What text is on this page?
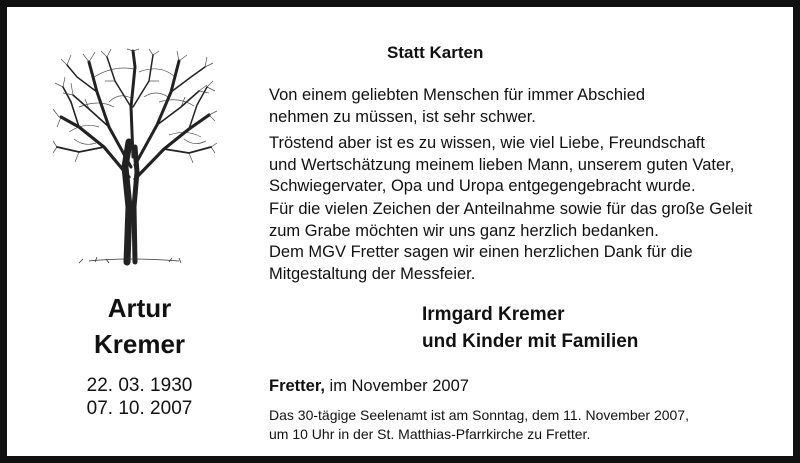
Artur
Kremer
22. 03. 1930
07. 10. 2007
Statt Karten

Von einem geliebten Menschen für immer Abschied
nehmen zu müssen, ist sehr schwer.

Tröstend aber ist es zu wissen, wie viel Liebe, Freundschaft
und Wertschätzung meinem lieben Mann, unserem guten Vater,
Schwiegervater, Opa und Uropa entgegengebracht wurde.

Für die vielen Zeichen der Anteilnahme sowie für das große Geleit
zum Grabe möchten wir uns ganz herzlich bedanken.
Dem MGV Fretter sagen wir einen herzlichen Dank für die
Mitgestaltung der Messfeier.

Irmgard Kremer
und Kinder mit Familien
Fretter, im November 2007

Das 30-tägige Seelenamt ist am Sonntag, dem 11. November 2007,
um 10 Uhr in der St. Matthias-Pfarrkirche zu Fretter.
